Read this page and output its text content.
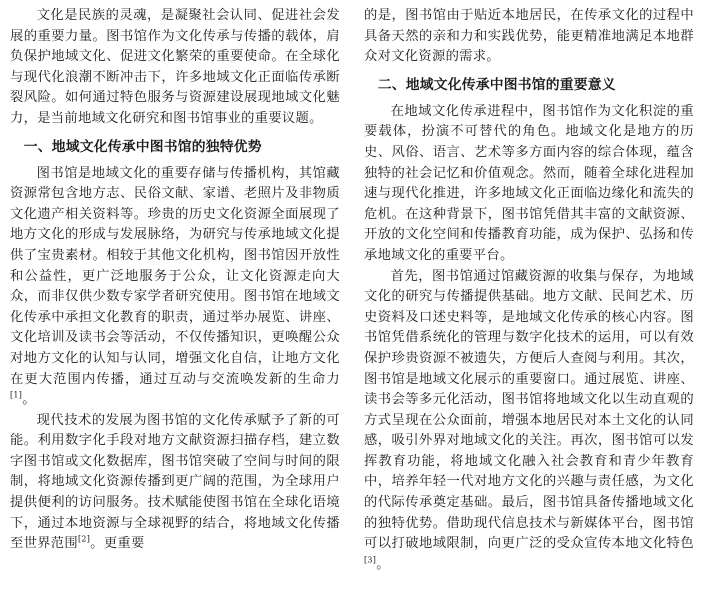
文化是民族的灵魂，是凝聚社会认同、促进社会发展的重要力量。图书馆作为文化传承与传播的载体，肩负保护地域文化、促进文化繁荣的重要使命。在全球化与现代化浪潮不断冲击下，许多地域文化正面临传承断裂风险。如何通过特色服务与资源建设展现地域文化魅力，是当前地域文化研究和图书馆事业的重要议题。

一、地域文化传承中图书馆的独特优势

图书馆是地域文化的重要存储与传播机构，其馆藏资源常包含地方志、民俗文献、家谱、老照片及非物质文化遗产相关资料等。珍贵的历史文化资源全面展现了地方文化的形成与发展脉络，为研究与传承地域文化提供了宝贵素材。相较于其他文化机构，图书馆因开放性和公益性，更广泛地服务于公众，让文化资源走向大众，而非仅供少数专家学者研究使用。图书馆在地域文化传承中承担文化教育的职责，通过举办展览、讲座、文化培训及读书会等活动，不仅传播知识，更唤醒公众对地方文化的认知与认同，增强文化自信，让地方文化在更大范围内传播，通过互动与交流唤发新的生命力[1]。

现代技术的发展为图书馆的文化传承赋予了新的可能。利用数字化手段对地方文献资源扫描存档，建立数字图书馆或文化数据库，图书馆突破了空间与时间的限制，将地域文化资源传播到更广阔的范围，为全球用户提供便利的访问服务。技术赋能使图书馆在全球化语境下，通过本地资源与全球视野的结合，将地域文化传播至世界范围[2]。更重要

的是，图书馆由于贴近本地居民，在传承文化的过程中具备天然的亲和力和实践优势，能更精准地满足本地群众对文化资源的需求。

二、地域文化传承中图书馆的重要意义

在地域文化传承进程中，图书馆作为文化积淀的重要载体，扮演不可替代的角色。地域文化是地方的历史、风俗、语言、艺术等多方面内容的综合体现，蕴含独特的社会记忆和价值观念。然而，随着全球化进程加速与现代化推进，许多地域文化正面临边缘化和流失的危机。在这种背景下，图书馆凭借其丰富的文献资源、开放的文化空间和传播教育功能，成为保护、弘扬和传承地域文化的重要平台。

首先，图书馆通过馆藏资源的收集与保存，为地域文化的研究与传播提供基础。地方文献、民间艺术、历史资料及口述史料等，是地域文化传承的核心内容。图书馆凭借系统化的管理与数字化技术的运用，可以有效保护珍贵资源不被遗失，方便后人查阅与利用。其次，图书馆是地域文化展示的重要窗口。通过展览、讲座、读书会等多元化活动，图书馆将地域文化以生动直观的方式呈现在公众面前，增强本地居民对本土文化的认同感，吸引外界对地域文化的关注。再次，图书馆可以发挥教育功能，将地域文化融入社会教育和青少年教育中，培养年轻一代对地方文化的兴趣与责任感，为文化的代际传承奠定基础。最后，图书馆具备传播地域文化的独特优势。借助现代信息技术与新媒体平台，图书馆可以打破地域限制，向更广泛的受众宣传本地文化特色[3]。
